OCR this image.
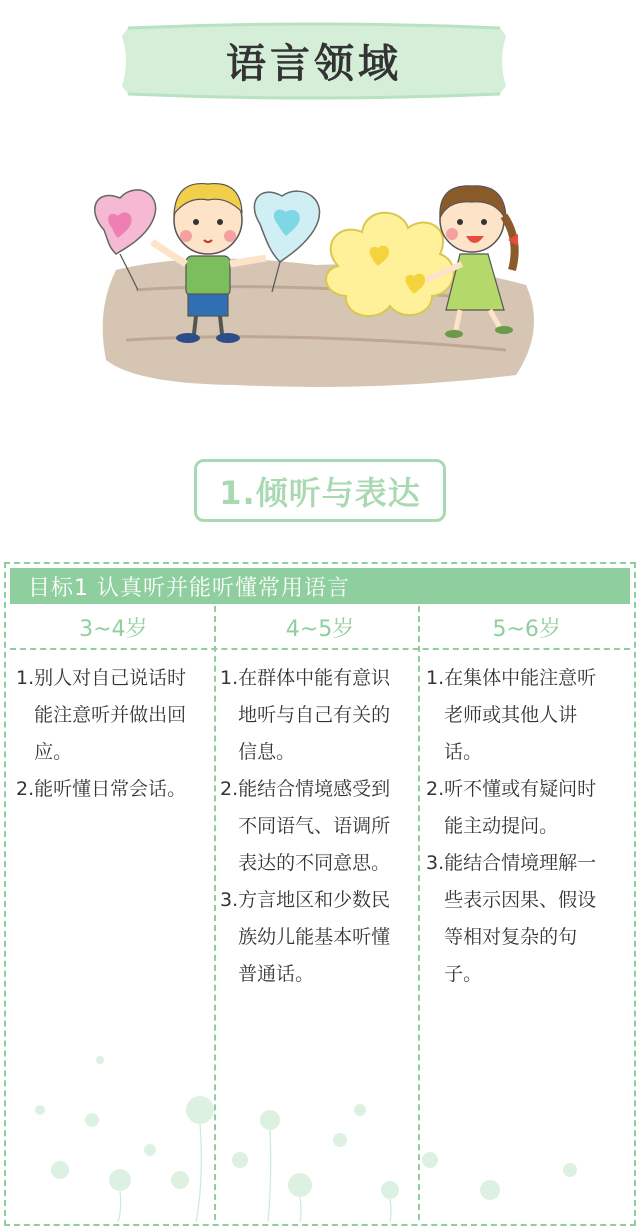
语言领域
1.倾听与表达
目标1 认真听并能听懂常用语言
3~4岁	4~5岁	5~6岁
1. 别人对自己说话时能注意听并做出回应。
2. 能听懂日常会话。
1. 在群体中能有意识地听与自己有关的信息。
2. 能结合情境感受到不同语气、语调所表达的不同意思。
3. 方言地区和少数民族幼儿能基本听懂普通话。
1. 在集体中能注意听老师或其他人讲话。
2. 听不懂或有疑问时能主动提问。
3. 能结合情境理解一些表示因果、假设等相对复杂的句子。
